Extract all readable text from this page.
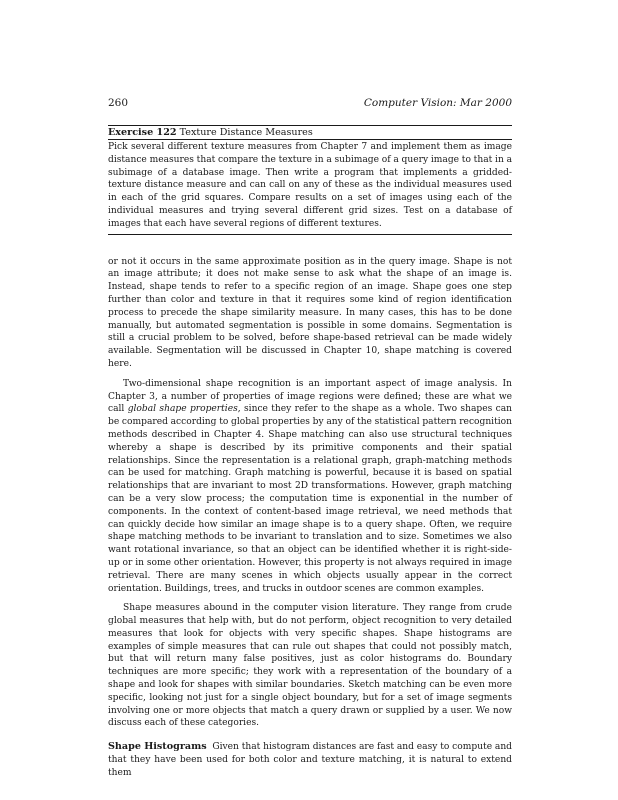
260	Computer Vision: Mar 2000
Exercise 122 Texture Distance Measures

Pick several different texture measures from Chapter 7 and implement them as image distance measures that compare the texture in a subimage of a query image to that in a subimage of a database image. Then write a program that implements a gridded-texture distance measure and can call on any of these as the individual measures used in each of the grid squares. Compare results on a set of images using each of the individual measures and trying several different grid sizes. Test on a database of images that each have several regions of different textures.

or not it occurs in the same approximate position as in the query image. Shape is not an image attribute; it does not make sense to ask what the shape of an image is. Instead, shape tends to refer to a specific region of an image. Shape goes one step further than color and texture in that it requires some kind of region identification process to precede the shape similarity measure. In many cases, this has to be done manually, but automated segmentation is possible in some domains. Segmentation is still a crucial problem to be solved, before shape-based retrieval can be made widely available. Segmentation will be discussed in Chapter 10, shape matching is covered here.

Two-dimensional shape recognition is an important aspect of image analysis. In Chapter 3, a number of properties of image regions were defined; these are what we call global shape properties, since they refer to the shape as a whole. Two shapes can be compared according to global properties by any of the statistical pattern recognition methods described in Chapter 4. Shape matching can also use structural techniques whereby a shape is described by its primitive components and their spatial relationships. Since the representation is a relational graph, graph-matching methods can be used for matching. Graph matching is powerful, because it is based on spatial relationships that are invariant to most 2D transformations. However, graph matching can be a very slow process; the computation time is exponential in the number of components. In the context of content-based image retrieval, we need methods that can quickly decide how similar an image shape is to a query shape. Often, we require shape matching methods to be invariant to translation and to size. Sometimes we also want rotational invariance, so that an object can be identified whether it is right-side-up or in some other orientation. However, this property is not always required in image retrieval. There are many scenes in which objects usually appear in the correct orientation. Buildings, trees, and trucks in outdoor scenes are common examples.

Shape measures abound in the computer vision literature. They range from crude global measures that help with, but do not perform, object recognition to very detailed measures that look for objects with very specific shapes. Shape histograms are examples of simple measures that can rule out shapes that could not possibly match, but that will return many false positives, just as color histograms do. Boundary techniques are more specific; they work with a representation of the boundary of a shape and look for shapes with similar boundaries. Sketch matching can be even more specific, looking not just for a single object boundary, but for a set of image segments involving one or more objects that match a query drawn or supplied by a user. We now discuss each of these categories.

Shape Histograms Given that histogram distances are fast and easy to compute and that they have been used for both color and texture matching, it is natural to extend them
